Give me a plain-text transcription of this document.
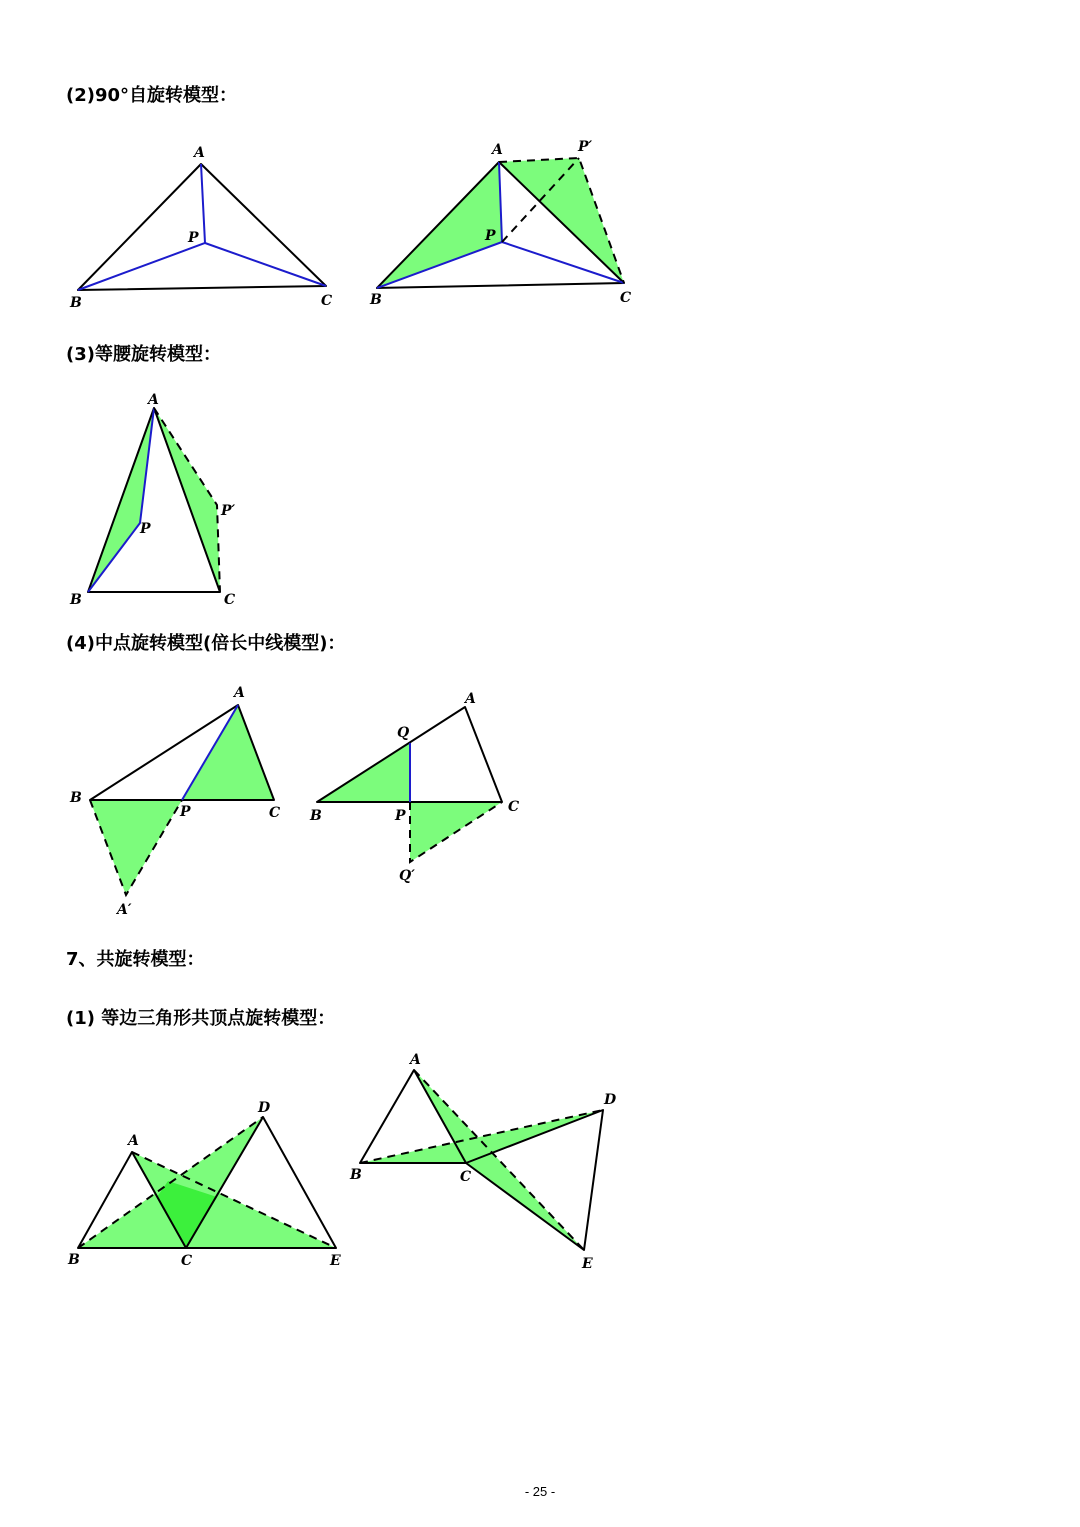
(2)90°自旋转模型：
(3)等腰旋转模型：
(4)中点旋转模型(倍长中线模型)：
7、共旋转模型：
(1) 等边三角形共顶点旋转模型：
A
P
B	C
A	P′
P
B	C
A
P
P′
B	C
A
B
P	C
A′
A
Q
B	P
C
Q′
A
D
B	C	E
A
D
B	C
E
- 25 -
